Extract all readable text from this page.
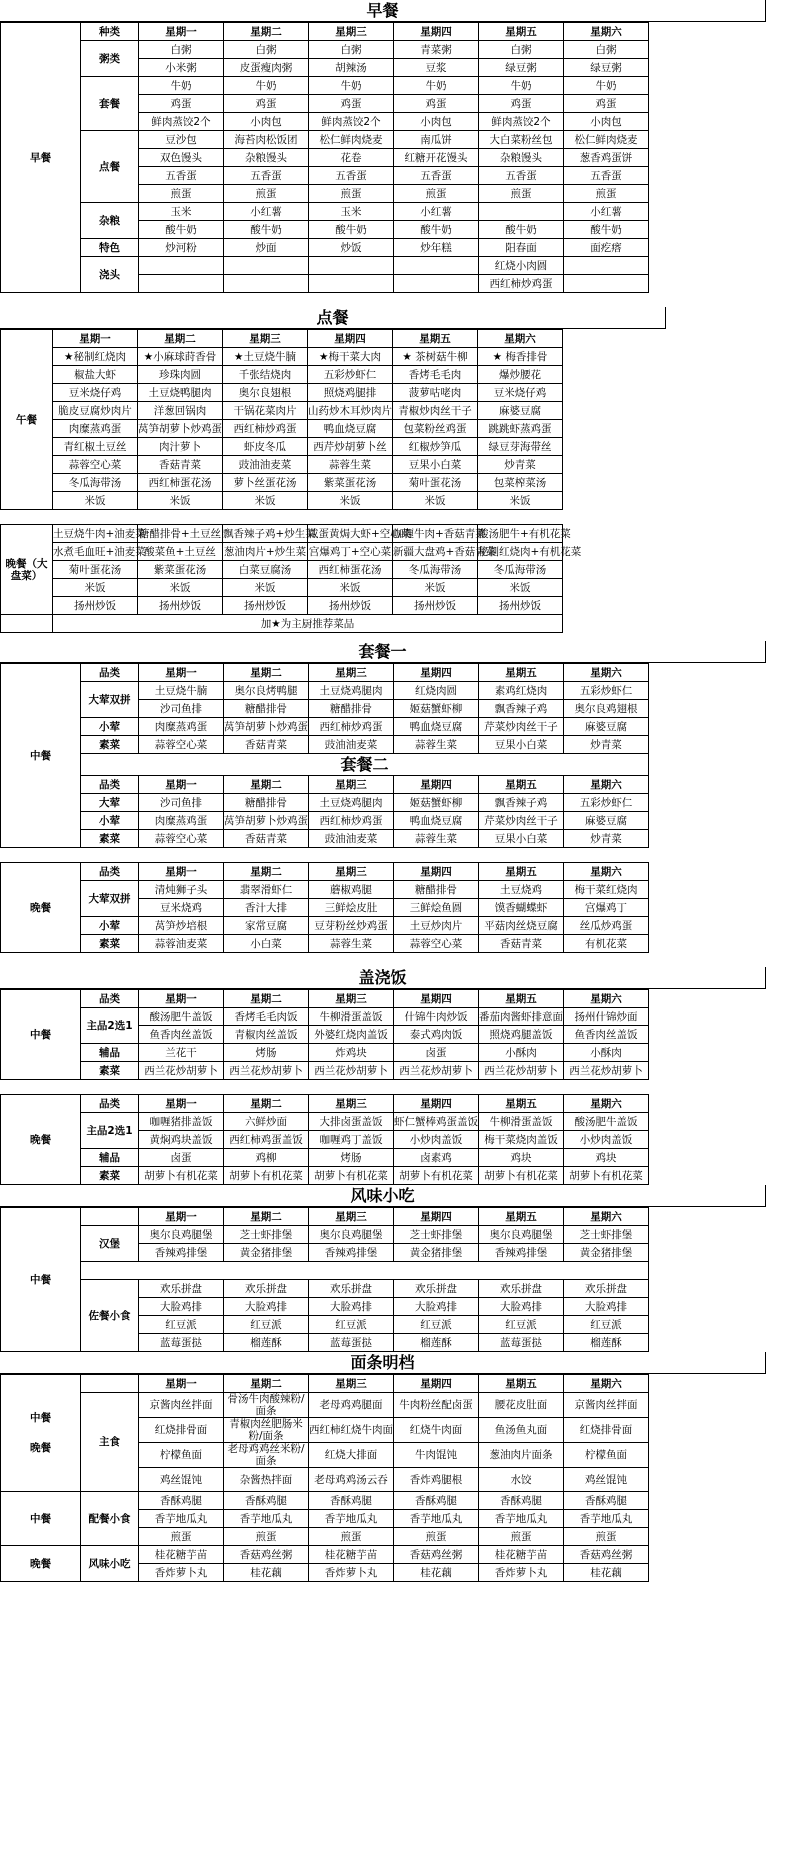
早餐
早餐	种类	星期一	星期二	星期三	星期四	星期五	星期六
	粥类	白粥	白粥	白粥	青菜粥	白粥	白粥
		小米粥	皮蛋瘦肉粥	胡辣汤	豆浆	绿豆粥	绿豆粥
	套餐	牛奶	牛奶	牛奶	牛奶	牛奶	牛奶
		鸡蛋	鸡蛋	鸡蛋	鸡蛋	鸡蛋	鸡蛋
		鲜肉蒸饺2个	小肉包	鲜肉蒸饺2个	小肉包	鲜肉蒸饺2个	小肉包
	点餐	豆沙包	海苔肉松饭团	松仁鲜肉烧麦	南瓜饼	大白菜粉丝包	松仁鲜肉烧麦
		双色馒头	杂粮馒头	花卷	红糖开花馒头	杂粮馒头	葱香鸡蛋饼
		五香蛋	五香蛋	五香蛋	五香蛋	五香蛋	五香蛋
		煎蛋	煎蛋	煎蛋	煎蛋	煎蛋	煎蛋
	杂粮	玉米	小红薯	玉米	小红薯		小红薯
		酸牛奶	酸牛奶	酸牛奶	酸牛奶	酸牛奶	酸牛奶
	特色	炒河粉	炒面	炒饭	炒年糕	阳春面	面疙瘩
	浇头					红烧小肉圆	
						西红柿炒鸡蛋	
点餐
午餐	星期一	星期二	星期三	星期四	星期五	星期六
	★秘制红烧肉	★小麻球莳香骨	★土豆烧牛腩	★梅干菜大肉	★ 茶树菇牛柳	★ 梅香排骨
	椒盐大虾	珍珠肉圆	千张结烧肉	五彩炒虾仁	香烤毛毛肉	爆炒腰花
	豆米烧仔鸡	土豆烧鸭腿肉	奥尔良翅根	照烧鸡腿排	菠萝咕咾肉	豆米烧仔鸡
	脆皮豆腐炒肉片	洋葱回锅肉	干锅花菜肉片	山药炒木耳炒肉片	青椒炒肉丝干子	麻婆豆腐
	肉糜蒸鸡蛋	莴笋胡萝卜炒鸡蛋	西红柿炒鸡蛋	鸭血烧豆腐	包菜粉丝鸡蛋	跳跳虾蒸鸡蛋
	青红椒土豆丝	肉汁萝卜	虾皮冬瓜	西芹炒胡萝卜丝	红椒炒笋瓜	绿豆芽海带丝
	蒜蓉空心菜	香菇青菜	豉油油麦菜	蒜蓉生菜	豆果小白菜	炒青菜
	冬瓜海带汤	西红柿蛋花汤	萝卜丝蛋花汤	紫菜蛋花汤	菊叶蛋花汤	包菜榨菜汤
	米饭	米饭	米饭	米饭	米饭	米饭
晚餐（大盘菜）	土豆烧牛肉+油麦菜	糖醋排骨+土豆丝	飘香辣子鸡+炒生菜	咸蛋黄焗大虾+空心菜	咖喱牛肉+香菇青菜	酸汤肥牛+有机花菜
	水煮毛血旺+油麦菜	酸菜鱼+土豆丝	葱油肉片+炒生菜	宫爆鸡丁+空心菜	新疆大盘鸡+香菇青菜	秘制红烧肉+有机花菜
	菊叶蛋花汤	紫菜蛋花汤	白菜豆腐汤	西红柿蛋花汤	冬瓜海带汤	冬瓜海带汤
	米饭	米饭	米饭	米饭	米饭	米饭
	扬州炒饭	扬州炒饭	扬州炒饭	扬州炒饭	扬州炒饭	扬州炒饭
	加★为主厨推荐菜品					
套餐一
中餐	品类	星期一	星期二	星期三	星期四	星期五	星期六
	大荤双拼	土豆烧牛腩	奥尔良烤鸭腿	土豆烧鸡腿肉	红烧肉圆	素鸡红烧肉	五彩炒虾仁
		沙司鱼排	糖醋排骨	糖醋排骨	姬菇蟹虾柳	飘香辣子鸡	奥尔良鸡翅根
	小荤	肉糜蒸鸡蛋	莴笋胡萝卜炒鸡蛋	西红柿炒鸡蛋	鸭血烧豆腐	芹菜炒肉丝干子	麻婆豆腐
	素菜	蒜蓉空心菜	香菇青菜	豉油油麦菜	蒜蓉生菜	豆果小白菜	炒青菜
	套餐二						
	品类	星期一	星期二	星期三	星期四	星期五	星期六
	大荤	沙司鱼排	糖醋排骨	土豆烧鸡腿肉	姬菇蟹虾柳	飘香辣子鸡	五彩炒虾仁
	小荤	肉糜蒸鸡蛋	莴笋胡萝卜炒鸡蛋	西红柿炒鸡蛋	鸭血烧豆腐	芹菜炒肉丝干子	麻婆豆腐
	素菜	蒜蓉空心菜	香菇青菜	豉油油麦菜	蒜蓉生菜	豆果小白菜	炒青菜
晚餐	品类	星期一	星期二	星期三	星期四	星期五	星期六
	大荤双拼	清炖狮子头	翡翠滑虾仁	蘑椒鸡腿	糖醋排骨	土豆烧鸡	梅干菜红烧肉
		豆米烧鸡	香汁大排	三鲜烩皮肚	三鲜烩鱼圆	馍香蝴蝶虾	宫爆鸡丁
	小荤	莴笋炒培根	家常豆腐	豆芽粉丝炒鸡蛋	土豆炒肉片	平菇肉丝烧豆腐	丝瓜炒鸡蛋
	素菜	蒜蓉油麦菜	小白菜	蒜蓉生菜	蒜蓉空心菜	香菇青菜	有机花菜
盖浇饭
中餐	品类	星期一	星期二	星期三	星期四	星期五	星期六
	主品2选1	酸汤肥牛盖饭	香烤毛毛肉饭	牛柳滑蛋盖饭	什锦牛肉炒饭	番茄肉酱虾排意面	扬州什锦炒面
		鱼香肉丝盖饭	青椒肉丝盖饭	外婆红烧肉盖饭	泰式鸡肉饭	照烧鸡腿盖饭	鱼香肉丝盖饭
	辅品	兰花干	烤肠	炸鸡块	卤蛋	小酥肉	小酥肉
	素菜	西兰花炒胡萝卜	西兰花炒胡萝卜	西兰花炒胡萝卜	西兰花炒胡萝卜	西兰花炒胡萝卜	西兰花炒胡萝卜
晚餐	品类	星期一	星期二	星期三	星期四	星期五	星期六
	主品2选1	咖喱猪排盖饭	六鲜炒面	大排卤蛋盖饭	虾仁蟹棒鸡蛋盖饭	牛柳滑蛋盖饭	酸汤肥牛盖饭
		黄焖鸡块盖饭	西红柿鸡蛋盖饭	咖喱鸡丁盖饭	小炒肉盖饭	梅干菜烧肉盖饭	小炒肉盖饭
	辅品	卤蛋	鸡柳	烤肠	卤素鸡	鸡块	鸡块
	素菜	胡萝卜有机花菜	胡萝卜有机花菜	胡萝卜有机花菜	胡萝卜有机花菜	胡萝卜有机花菜	胡萝卜有机花菜
风味小吃
中餐		星期一	星期二	星期三	星期四	星期五	星期六
	汉堡	奥尔良鸡腿堡	芝士虾排堡	奥尔良鸡腿堡	芝士虾排堡	奥尔良鸡腿堡	芝士虾排堡
		香辣鸡排堡	黄金猪排堡	香辣鸡排堡	黄金猪排堡	香辣鸡排堡	黄金猪排堡

	佐餐小食	欢乐拼盘	欢乐拼盘	欢乐拼盘	欢乐拼盘	欢乐拼盘	欢乐拼盘
		大脸鸡排	大脸鸡排	大脸鸡排	大脸鸡排	大脸鸡排	大脸鸡排
		红豆派	红豆派	红豆派	红豆派	红豆派	红豆派
		蓝莓蛋挞	榴莲酥	蓝莓蛋挞	榴莲酥	蓝莓蛋挞	榴莲酥
面条明档
中餐
晚餐		星期一	星期二	星期三	星期四	星期五	星期六
	主食	京酱肉丝拌面	骨汤牛肉酸辣粉/面条	老母鸡鸡腿面	牛肉粉丝配卤蛋	腰花皮肚面	京酱肉丝拌面
		红烧排骨面	青椒肉丝肥肠米粉/面条	西红柿红烧牛肉面	红烧牛肉面	鱼汤鱼丸面	红烧排骨面
		柠檬鱼面	老母鸡鸡丝米粉/面条	红烧大排面	牛肉馄饨	葱油肉片面条	柠檬鱼面
		鸡丝馄饨	杂酱热拌面	老母鸡鸡汤云吞	香炸鸡腿根	水饺	鸡丝馄饨
中餐	配餐小食	香酥鸡腿	香酥鸡腿	香酥鸡腿	香酥鸡腿	香酥鸡腿	香酥鸡腿
		香芋地瓜丸	香芋地瓜丸	香芋地瓜丸	香芋地瓜丸	香芋地瓜丸	香芋地瓜丸
		煎蛋	煎蛋	煎蛋	煎蛋	煎蛋	煎蛋
晚餐	风味小吃	桂花糖芋苗	香菇鸡丝粥	桂花糖芋苗	香菇鸡丝粥	桂花糖芋苗	香菇鸡丝粥
		香炸萝卜丸	桂花藕	香炸萝卜丸	桂花藕	香炸萝卜丸	桂花藕
